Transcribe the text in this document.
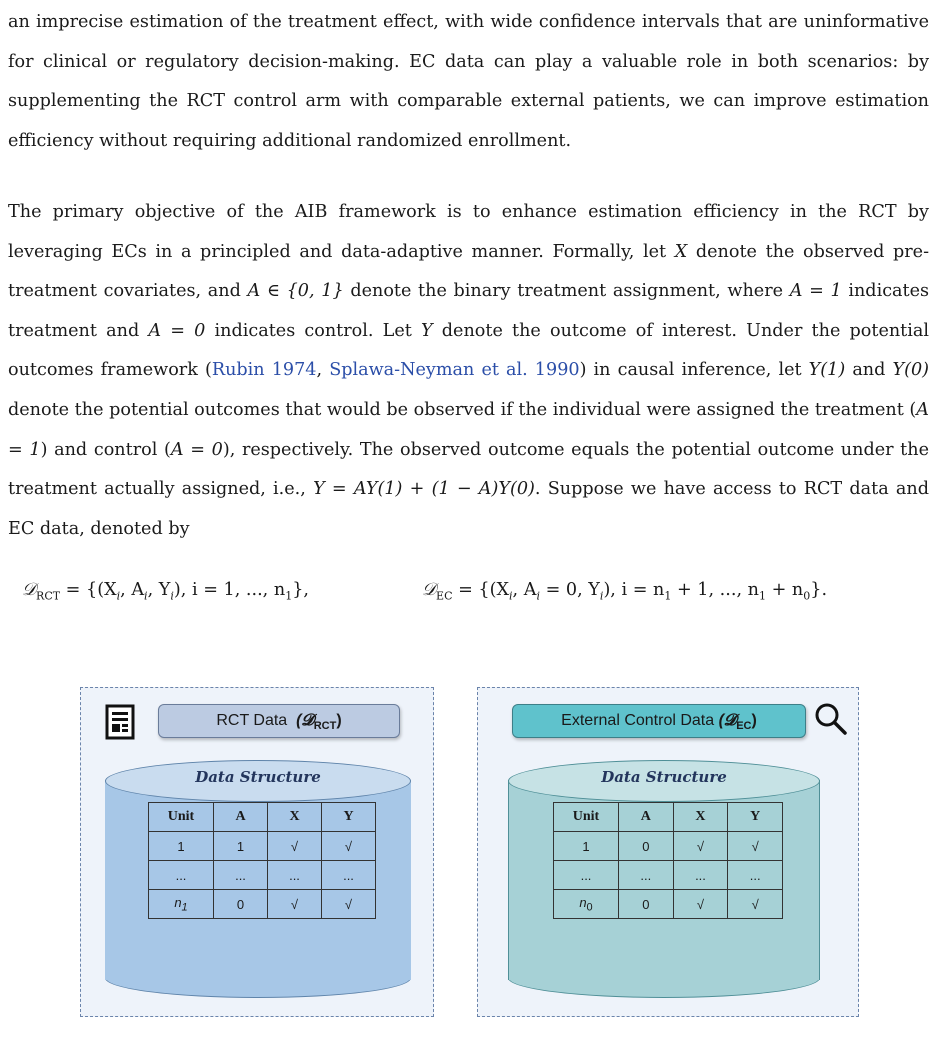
an imprecise estimation of the treatment effect, with wide confidence intervals that are uninformative for clinical or regulatory decision-making. EC data can play a valuable role in both scenarios: by supplementing the RCT control arm with comparable external patients, we can improve estimation efficiency without requiring additional randomized enrollment.

The primary objective of the AIB framework is to enhance estimation efficiency in the RCT by leveraging ECs in a principled and data-adaptive manner. Formally, let X denote the observed pre-treatment covariates, and A ∈ {0, 1} denote the binary treatment assignment, where A = 1 indicates treatment and A = 0 indicates control. Let Y denote the outcome of interest. Under the potential outcomes framework (Rubin 1974, Splawa-Neyman et al. 1990) in causal inference, let Y(1) and Y(0) denote the potential outcomes that would be observed if the individual were assigned the treatment (A = 1) and control (A = 0), respectively. The observed outcome equals the potential outcome under the treatment actually assigned, i.e., Y = AY(1) + (1 − A)Y(0). Suppose we have access to RCT data and EC data, denoted by

𝒟$_{RCT}$ = {($X_i$, $A_i$, $Y_i$), i = 1, ..., $n_1$},	𝒟$_{EC}$ = {($X_i$, $A_i = 0$, $Y_i$), $i = n_1 + 1$, ..., $n_1 + n_0$}.
RCT Data (𝓓$_{RCT}$)
Data Structure
Unit	A	X	Y
1	1	√	√
...	...	...	...
$n_1$	0	√	√
External Control Data (𝓓$_{EC}$)
Data Structure
Unit	A	X	Y
1	0	√	√
...	...	...	...
$n_0$	0	√	√
